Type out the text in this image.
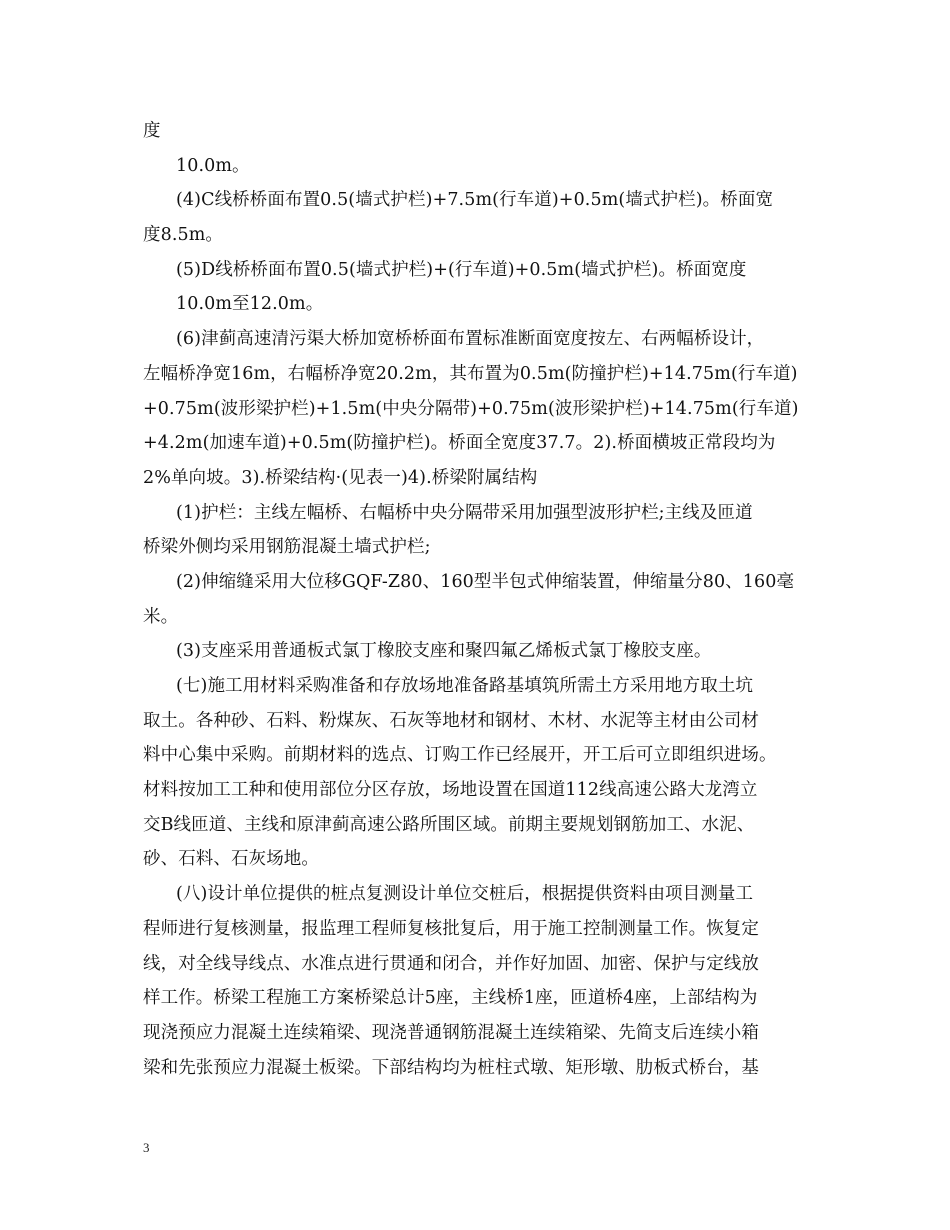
度
10.0m。
(4)C线桥桥面布置0.5(墙式护栏)+7.5m(行车道)+0.5m(墙式护栏)。桥面宽
度8.5m。
(5)D线桥桥面布置0.5(墙式护栏)+(行车道)+0.5m(墙式护栏)。桥面宽度
10.0m至12.0m。
(6)津蓟高速清污渠大桥加宽桥桥面布置标准断面宽度按左、右两幅桥设计，
左幅桥净宽16m，右幅桥净宽20.2m，其布置为0.5m(防撞护栏)+14.75m(行车道)
+0.75m(波形梁护栏)+1.5m(中央分隔带)+0.75m(波形梁护栏)+14.75m(行车道)
+4.2m(加速车道)+0.5m(防撞护栏)。桥面全宽度37.7。2).桥面横坡正常段均为
2%单向坡。3).桥梁结构·(见表一)4).桥梁附属结构
(1)护栏：主线左幅桥、右幅桥中央分隔带采用加强型波形护栏;主线及匝道
桥梁外侧均采用钢筋混凝土墙式护栏;
(2)伸缩缝采用大位移GQF-Z80、160型半包式伸缩装置，伸缩量分80、160毫
米。
(3)支座采用普通板式氯丁橡胶支座和聚四氟乙烯板式氯丁橡胶支座。
(七)施工用材料采购准备和存放场地准备路基填筑所需土方采用地方取土坑
取土。各种砂、石料、粉煤灰、石灰等地材和钢材、木材、水泥等主材由公司材
料中心集中采购。前期材料的选点、订购工作已经展开，开工后可立即组织进场。
材料按加工工种和使用部位分区存放，场地设置在国道112线高速公路大龙湾立
交B线匝道、主线和原津蓟高速公路所围区域。前期主要规划钢筋加工、水泥、
砂、石料、石灰场地。
(八)设计单位提供的桩点复测设计单位交桩后，根据提供资料由项目测量工
程师进行复核测量，报监理工程师复核批复后，用于施工控制测量工作。恢复定
线，对全线导线点、水准点进行贯通和闭合，并作好加固、加密、保护与定线放
样工作。桥梁工程施工方案桥梁总计5座，主线桥1座，匝道桥4座，上部结构为
现浇预应力混凝土连续箱梁、现浇普通钢筋混凝土连续箱梁、先简支后连续小箱
梁和先张预应力混凝土板梁。下部结构均为桩柱式墩、矩形墩、肋板式桥台，基
3
